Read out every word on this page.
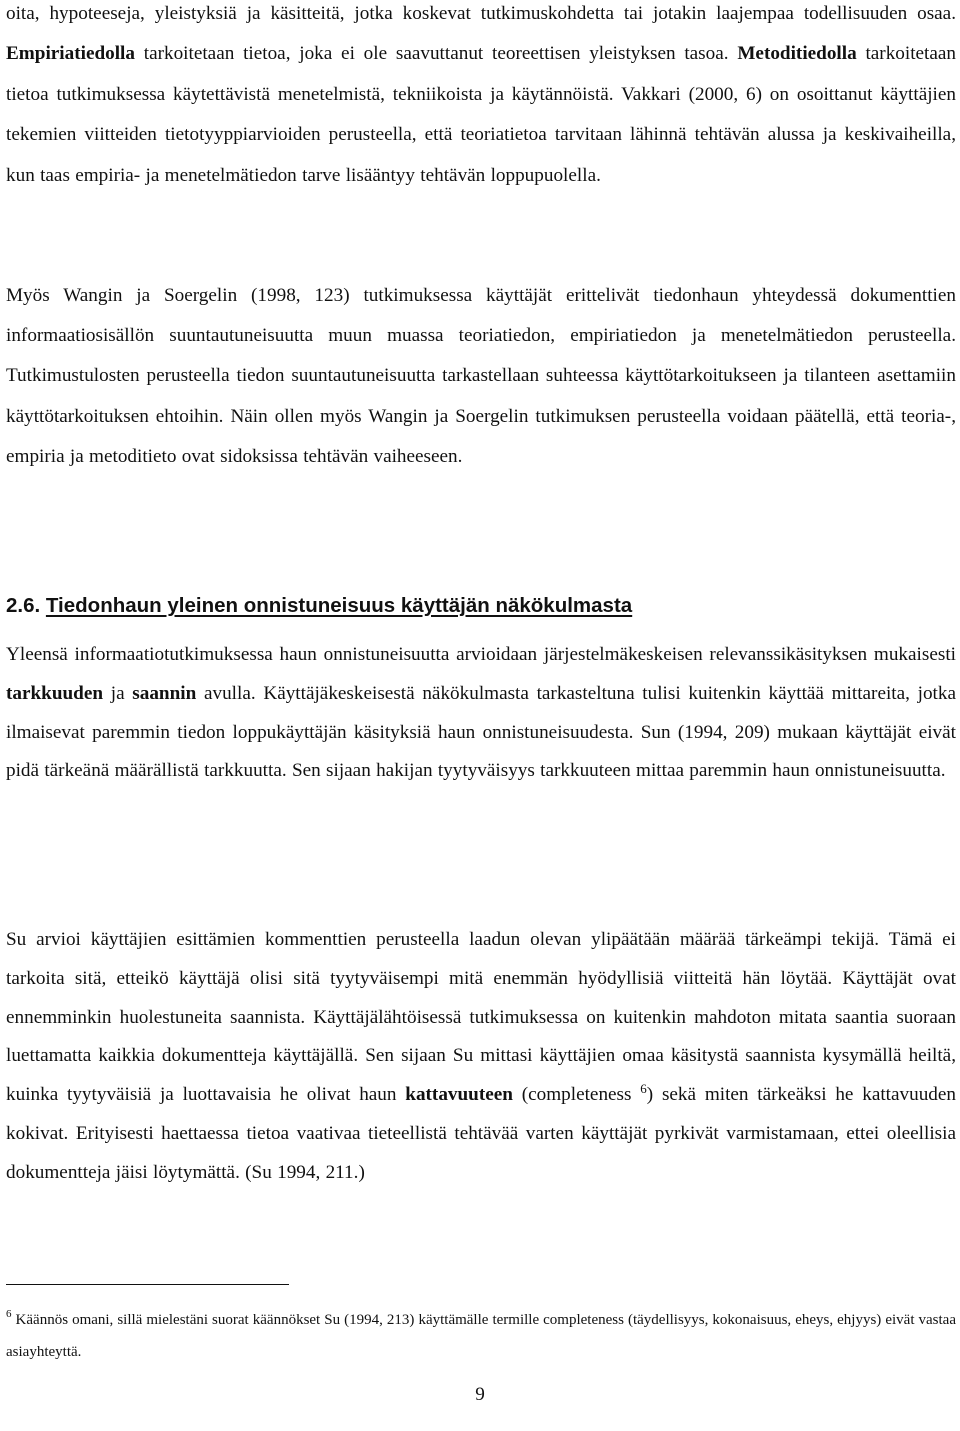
oita, hypoteeseja, yleistyksiä ja käsitteitä, jotka koskevat tutkimuskohdetta tai jotakin laajempaa todellisuuden osaa. Empiriatiedolla tarkoitetaan tietoa, joka ei ole saavuttanut teoreettisen yleistyksen tasoa. Metoditiedolla tarkoitetaan tietoa tutkimuksessa käytettävistä menetelmistä, tekniikoista ja käytännöistä. Vakkari (2000, 6) on osoittanut käyttäjien tekemien viitteiden tietotyyppiarvioiden perusteella, että teoriatietoa tarvitaan lähinnä tehtävän alussa ja keskivaiheilla, kun taas empiria- ja menetelmätiedon tarve lisääntyy tehtävän loppupuolella.

Myös Wangin ja Soergelin (1998, 123) tutkimuksessa käyttäjät erittelivät tiedonhaun yhteydessä dokumenttien informaatiosisällön suuntautuneisuutta muun muassa teoriatiedon, empiriatiedon ja menetelmätiedon perusteella. Tutkimustulosten perusteella tiedon suuntautuneisuutta tarkastellaan suhteessa käyttötarkoitukseen ja tilanteen asettamiin käyttötarkoituksen ehtoihin. Näin ollen myös Wangin ja Soergelin tutkimuksen perusteella voidaan päätellä, että teoria-, empiria ja metoditieto ovat sidoksissa tehtävän vaiheeseen.

2.6. Tiedonhaun yleinen onnistuneisuus käyttäjän näkökulmasta

Yleensä informaatiotutkimuksessa haun onnistuneisuutta arvioidaan järjestelmäkeskeisen relevanssikäsityksen mukaisesti tarkkuuden ja saannin avulla. Käyttäjäkeskeisestä näkökulmasta tarkasteltuna tulisi kuitenkin käyttää mittareita, jotka ilmaisevat paremmin tiedon loppukäyttäjän käsityksiä haun onnistuneisuudesta. Sun (1994, 209) mukaan käyttäjät eivät pidä tärkeänä määrällistä tarkkuutta. Sen sijaan hakijan tyytyväisyys tarkkuuteen mittaa paremmin haun onnistuneisuutta.

Su arvioi käyttäjien esittämien kommenttien perusteella laadun olevan ylipäätään määrää tärkeämpi tekijä. Tämä ei tarkoita sitä, etteikö käyttäjä olisi sitä tyytyväisempi mitä enemmän hyödyllisiä viitteitä hän löytää. Käyttäjät ovat ennemminkin huolestuneita saannista. Käyttäjälähtöisessä tutkimuksessa on kuitenkin mahdoton mitata saantia suoraan luettamatta kaikkia dokumentteja käyttäjällä. Sen sijaan Su mittasi käyttäjien omaa käsitystä saannista kysymällä heiltä, kuinka tyytyväisiä ja luottavaisia he olivat haun kattavuuteen (completeness $^6$) sekä miten tärkeäksi he kattavuuden kokivat. Erityisesti haettaessa tietoa vaativaa tieteellistä tehtävää varten käyttäjät pyrkivät varmistamaan, ettei oleellisia dokumentteja jäisi löytymättä. (Su 1994, 211.)

$^6$ Käännös omani, sillä mielestäni suorat käännökset Su (1994, 213) käyttämälle termille completeness (täydellisyys, kokonaisuus, eheys, ehjyys) eivät vastaa asiayhteyttä.

9
